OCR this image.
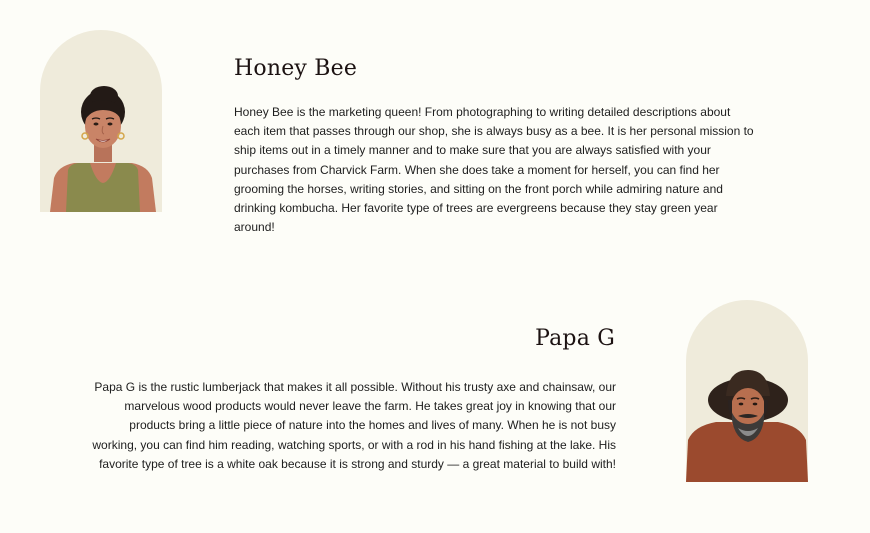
Honey Bee

Honey Bee is the marketing queen! From photographing to writing detailed descriptions about each item that passes through our shop, she is always busy as a bee. It is her personal mission to ship items out in a timely manner and to make sure that you are always satisfied with your purchases from Charvick Farm. When she does take a moment for herself, you can find her grooming the horses, writing stories, and sitting on the front porch while admiring nature and drinking kombucha. Her favorite type of trees are evergreens because they stay green year around!

Papa G

Papa G is the rustic lumberjack that makes it all possible. Without his trusty axe and chainsaw, our marvelous wood products would never leave the farm. He takes great joy in knowing that our products bring a little piece of nature into the homes and lives of many. When he is not busy working, you can find him reading, watching sports, or with a rod in his hand fishing at the lake. His favorite type of tree is a white oak because it is strong and sturdy — a great material to build with!
